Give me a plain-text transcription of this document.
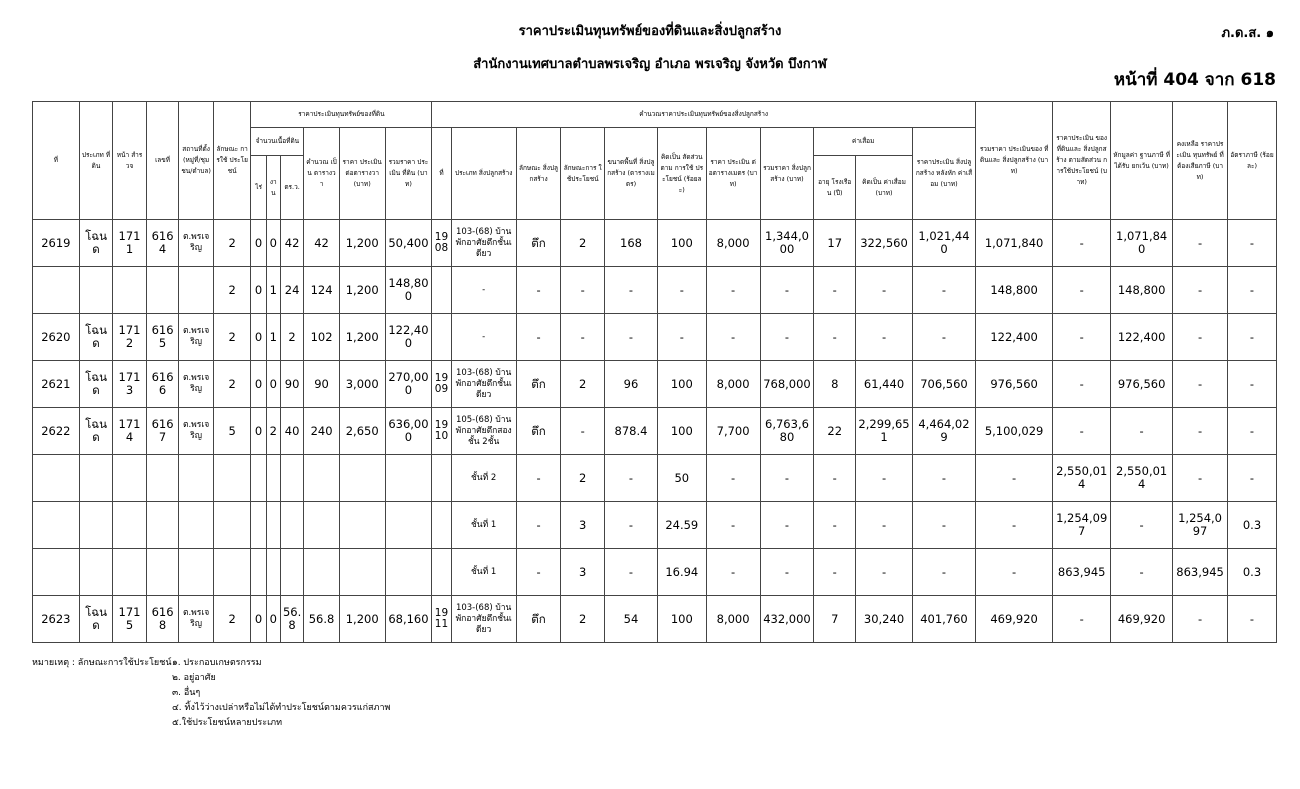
ราคาประเมินทุนทรัพย์ของที่ดินและสิ่งปลูกสร้าง
สำนักงานเทศบาลตำบลพรเจริญ อำเภอ พรเจริญ จังหวัด บึงกาฬ
ภ.ด.ส. ๑
หน้าที่ 404 จาก 618
ที่	ประเภท ที่ดิน	หน้า สำรวจ	เลขที่	สถานที่ตั้ง(หมู่ที่/ชุมชน/ตำบล)	ลักษณะ การใช้ ประโยชน์	ราคาประเมินทุนทรัพย์ของที่ดิน						คำนวณราคาประเมินทุนทรัพย์ของสิ่งปลูกสร้าง											รวมราคา ประเมินของ ที่ดินและ สิ่งปลูกสร้าง (บาท)	ราคาประเมิน ของที่ดินและ สิ่งปลูกสร้าง ตามสัดส่วน การใช้ประโยชน์ (บาท)	หักมูลค่า ฐานภาษี ที่ได้รับ ยกเว้น (บาท)	คงเหลือ ราคาประเมิน ทุนทรัพย์ ที่ต้องเสียภาษี (บาท)	อัตราภาษี (ร้อยละ)
						จำนวนเนื้อที่ดิน			คำนวณ เป็น ตารางวา	ราคา ประเมิน ต่อตารางวา (บาท)	รวมราคา ประเมิน ที่ดิน (บาท)	ที่	ประเภท สิ่งปลูกสร้าง	ลักษณะ สิ่งปลูกสร้าง	ลักษณะการ ใช้ประโยชน์	ขนาดพื้นที่ สิ่งปลูกสร้าง (ตารางเมตร)	คิดเป็น สัดส่วนตาม การใช้ ประโยชน์ (ร้อยละ)	ราคา ประเมิน ต่อตารางเมตร (บาท)	รวมราคา สิ่งปลูกสร้าง (บาท)	ค่าเสื่อม		ราคาประเมิน สิ่งปลูกสร้าง หลังหัก ค่าเสื่อม (บาท)					
						ไร่	งาน	ตร.ว.												อายุ โรงเรือน (ปี)	คิดเป็น ค่าเสื่อม (บาท)						
2619	โฉนด	1711	6164	ต.พรเจริญ	2	0	0	42	42	1,200	50,400	1908	103-(68) บ้านพักอาศัยตึกชั้นเดียว	ตึก	2	168	100	8,000	1,344,000	17	322,560	1,021,440	1,071,840	-	1,071,840	-	-
					2	0	1	24	124	1,200	148,800		-	-	-	-	-	-	-	-	-	-	148,800	-	148,800	-	-
2620	โฉนด	1712	6165	ต.พรเจริญ	2	0	1	2	102	1,200	122,400		-	-	-	-	-	-	-	-	-	-	122,400	-	122,400	-	-
2621	โฉนด	1713	6166	ต.พรเจริญ	2	0	0	90	90	3,000	270,000	1909	103-(68) บ้านพักอาศัยตึกชั้นเดียว	ตึก	2	96	100	8,000	768,000	8	61,440	706,560	976,560	-	976,560	-	-
2622	โฉนด	1714	6167	ต.พรเจริญ	5	0	2	40	240	2,650	636,000	1910	105-(68) บ้านพักอาศัยตึกสองชั้น 2ชั้น	ตึก	-	878.4	100	7,700	6,763,680	22	2,299,651	4,464,029	5,100,029	-	-	-	-
													ชั้นที่ 2	-	2	-	50	-	-	-	-	-	-	2,550,014	2,550,014	-	-
													ชั้นที่ 1	-	3	-	24.59	-	-	-	-	-	-	1,254,097	-	1,254,097	0.3
													ชั้นที่ 1	-	3	-	16.94	-	-	-	-	-	-	863,945	-	863,945	0.3
2623	โฉนด	1715	6168	ต.พรเจริญ	2	0	0	56.8	56.8	1,200	68,160	1911	103-(68) บ้านพักอาศัยตึกชั้นเดียว	ตึก	2	54	100	8,000	432,000	7	30,240	401,760	469,920	-	469,920	-	-
หมายเหตุ : ลักษณะการใช้ประโยชน์ ๑. ประกอบเกษตรกรรม
๒. อยู่อาศัย
๓. อื่นๆ
๔. ทิ้งไว้ว่างเปล่าหรือไม่ได้ทำประโยชน์ตามควรแก่สภาพ
๕.ใช้ประโยชน์หลายประเภท
